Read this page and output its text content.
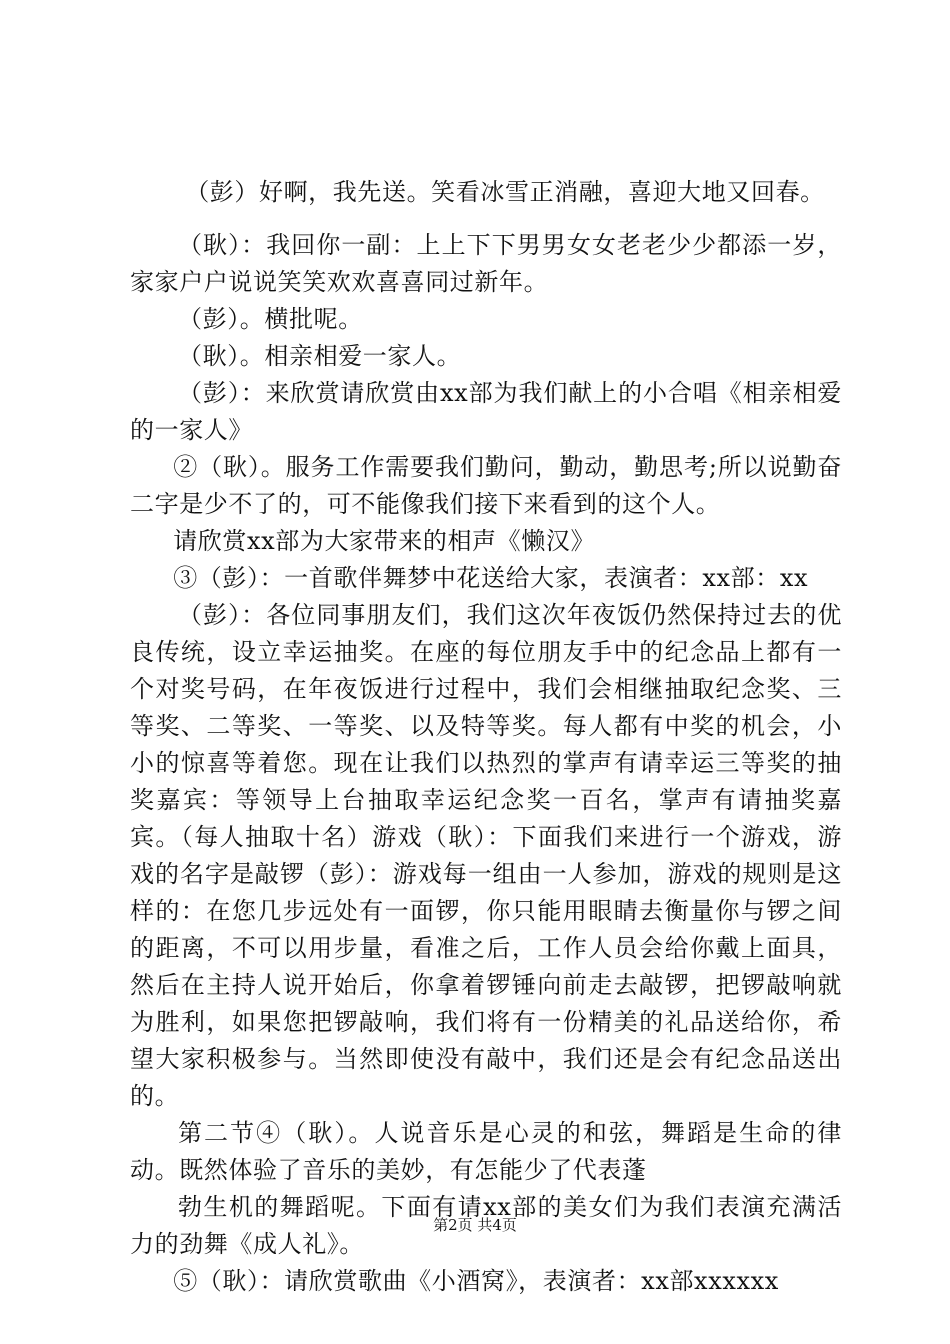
（彭）好啊，我先送。笑看冰雪正消融，喜迎大地又回春。

（耿）：我回你一副：上上下下男男女女老老少少都添一岁，家家户户说说笑笑欢欢喜喜同过新年。

（彭）。横批呢。

（耿）。相亲相爱一家人。

（彭）：来欣赏请欣赏由xx部为我们献上的小合唱《相亲相爱的一家人》

②（耿）。服务工作需要我们勤问，勤动，勤思考;所以说勤奋二字是少不了的，可不能像我们接下来看到的这个人。

请欣赏xx部为大家带来的相声《懒汉》

③（彭）：一首歌伴舞梦中花送给大家，表演者：xx部：xx

（彭）：各位同事朋友们，我们这次年夜饭仍然保持过去的优良传统，设立幸运抽奖。在座的每位朋友手中的纪念品上都有一个对奖号码，在年夜饭进行过程中，我们会相继抽取纪念奖、三等奖、二等奖、一等奖、以及特等奖。每人都有中奖的机会，小小的惊喜等着您。现在让我们以热烈的掌声有请幸运三等奖的抽奖嘉宾：等领导上台抽取幸运纪念奖一百名，掌声有请抽奖嘉宾。（每人抽取十名）游戏（耿）：下面我们来进行一个游戏，游戏的名字是敲锣（彭）：游戏每一组由一人参加，游戏的规则是这样的：在您几步远处有一面锣，你只能用眼睛去衡量你与锣之间的距离，不可以用步量，看准之后，工作人员会给你戴上面具，然后在主持人说开始后，你拿着锣锤向前走去敲锣，把锣敲响就为胜利，如果您把锣敲响，我们将有一份精美的礼品送给你，希望大家积极参与。当然即使没有敲中，我们还是会有纪念品送出的。

第二节④（耿）。人说音乐是心灵的和弦，舞蹈是生命的律动。既然体验了音乐的美妙，有怎能少了代表蓬

勃生机的舞蹈呢。下面有请xx部的美女们为我们表演充满活力的劲舞《成人礼》。

⑤（耿）：请欣赏歌曲《小酒窝》，表演者：xx部xxxxxx

第2页 共4页
